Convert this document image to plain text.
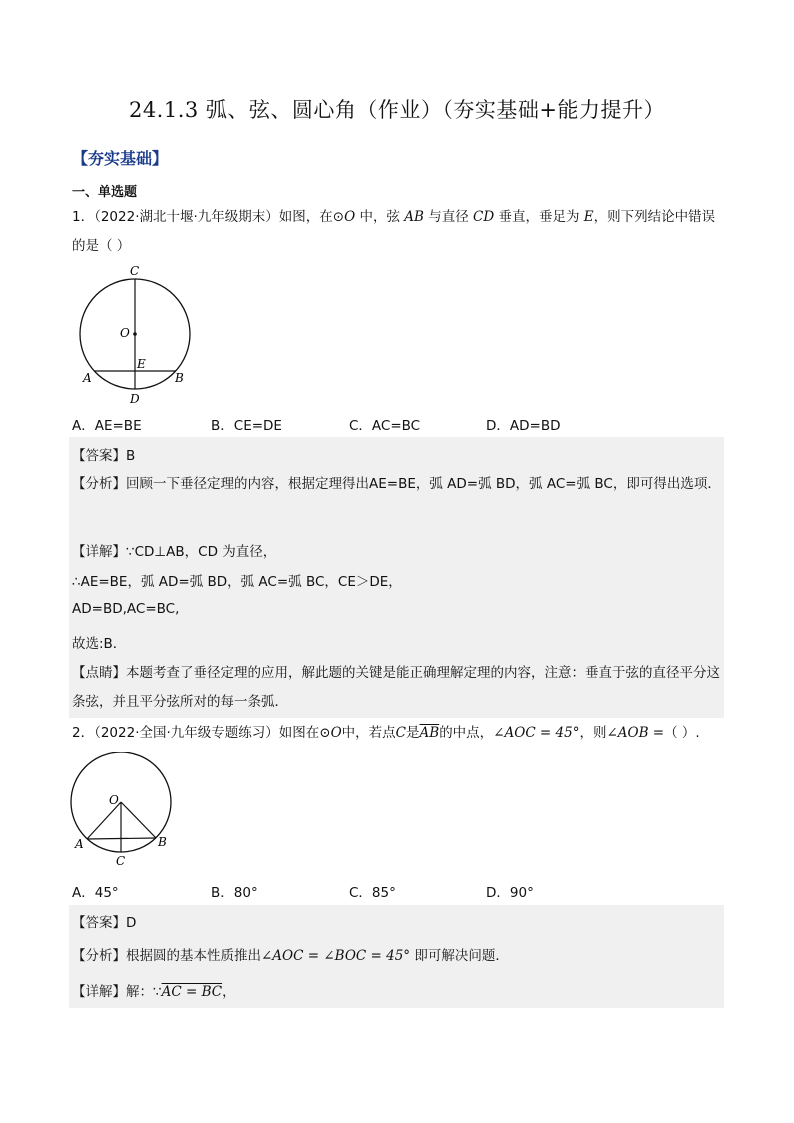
24.1.3 弧、弦、圆心角（作业）（夯实基础+能力提升）
【夯实基础】
一、单选题
1．（2022·湖北十堰·九年级期末）如图，在⊙O 中，弦 AB 与直径 CD 垂直，垂足为 E，则下列结论中错误的是（ ）
C
O
E
A	B
D
A．AE=BE	B．CE=DE	C．AC=BC	D．AD=BD
【答案】B
【分析】回顾一下垂径定理的内容，根据定理得出AE=BE，弧 AD=弧 BD，弧 AC=弧 BC，即可得出选项．
【详解】∵CD⊥AB，CD 为直径，
∴AE=BE，弧 AD=弧 BD，弧 AC=弧 BC，CE＞DE，
AD=BD,AC=BC,
故选:B．
【点睛】本题考查了垂径定理的应用，解此题的关键是能正确理解定理的内容，注意：垂直于弦的直径平分这条弦，并且平分弦所对的每一条弧．
2．（2022·全国·九年级专题练习）如图在⊙O中，若点C是$\overline{AB}$的中点，∠AOC = 45°，则∠AOB =（ ）.
O
A	B
C
A．45°	B．80°	C．85°	D．90°
【答案】D
【分析】根据圆的基本性质推出∠AOC = ∠BOC = 45° 即可解决问题．
【详解】解：∵AC = BC，
